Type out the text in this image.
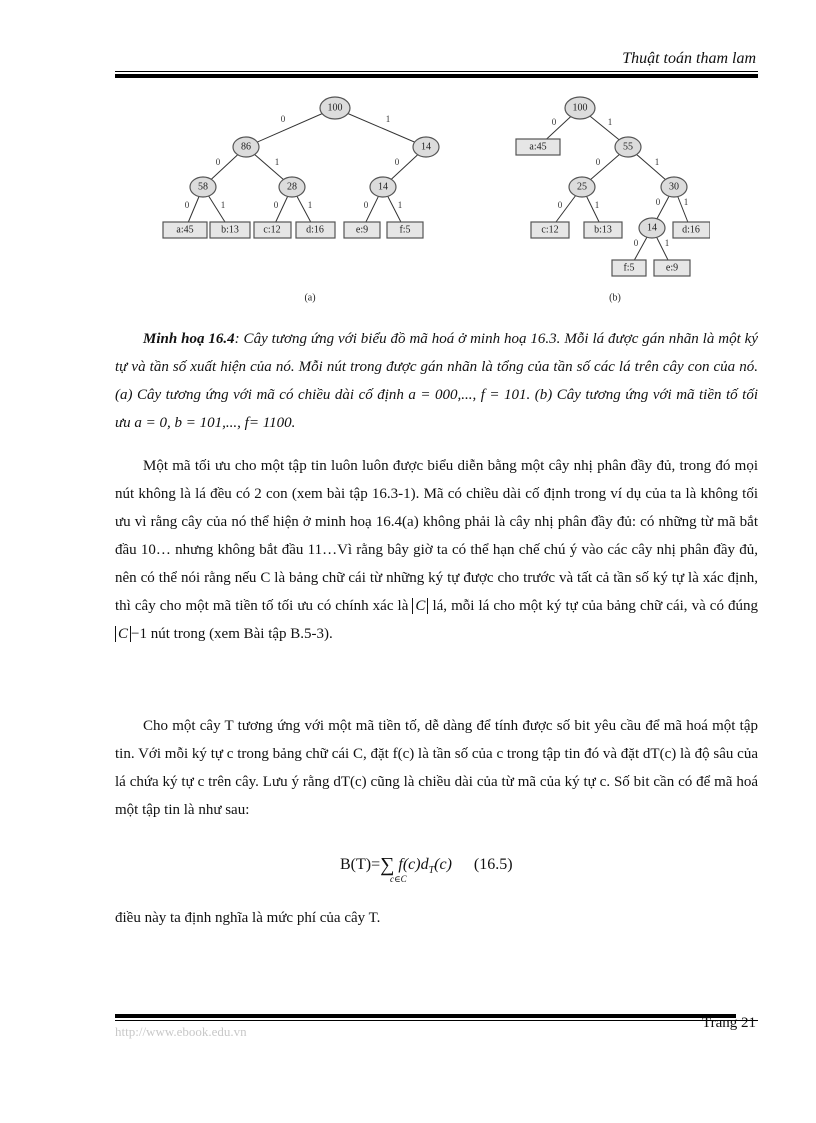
Thuật toán tham lam
0	1
0	1	0
0	1	0	1	0	1
0	1
0	1
0	1	0	1
0	1
100
86	14
58	28	14
a:45	b:13 c:12	d:16	e:9	f:5
100
55
25	30
14
a:45
c:12	b:13	d:16
f:5	e:9
(a)	(b)
Minh hoạ 16.4: Cây tương ứng với biểu đồ mã hoá ở minh hoạ 16.3. Mỗi lá được gán nhãn là một ký tự và tần số xuất hiện của nó. Mỗi nút trong được gán nhãn là tổng của tần số các lá trên cây con của nó. (a) Cây tương ứng với mã có chiều dài cố định a = 000,..., f = 101. (b) Cây tương ứng với mã tiền tố tối ưu a = 0, b = 101,..., f= 1100.
Một mã tối ưu cho một tập tin luôn luôn được biểu diễn bằng một cây nhị phân đầy đủ, trong đó mọi nút không là lá đều có 2 con (xem bài tập 16.3-1). Mã có chiều dài cố định trong ví dụ của ta là không tối ưu vì rằng cây của nó thể hiện ở minh hoạ 16.4(a) không phải là cây nhị phân đầy đủ: có những từ mã bắt đầu 10… nhưng không bắt đầu 11…Vì rằng bây giờ ta có thể hạn chế chú ý vào các cây nhị phân đầy đủ, nên có thể nói rằng nếu C là bảng chữ cái từ những ký tự được cho trước và tất cả tần số ký tự là xác định, thì cây cho một mã tiền tố tối ưu có chính xác là C lá, mỗi lá cho một ký tự của bảng chữ cái, và có đúng C −1 nút trong (xem Bài tập B.5-3).
Cho một cây T tương ứng với một mã tiền tố, dễ dàng để tính được số bit yêu cầu để mã hoá một tập tin. Với mỗi ký tự c trong bảng chữ cái C, đặt f(c) là tần số của c trong tập tin đó và đặt dT(c) là độ sâu của lá chứa ký tự c trên cây. Lưu ý rằng dT(c) cũng là chiều dài của từ mã của ký tự c. Số bit cần có để mã hoá một tập tin là như sau:
B(T)=∑
c∈C
$f(c)d_T(c)$ (16.5)
điều này ta định nghĩa là mức phí của cây T.
http://www.ebook.edu.vn
Trang 21
